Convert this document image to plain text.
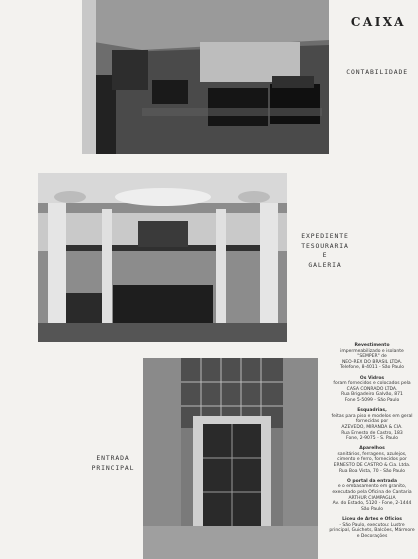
CAIXA
CONTABILIDADE
EXPEDIENTE
TESOURARIA
E
GALERIA
ENTRADA
PRINCIPAL
Revestimento
impermeabilizado e isolante "SEMPER" de
NEO-REX DO BRASIL LTDA.
Telefone, 8-4011 - São Paulo
Os Vidros
foram fornecidos e colocados pela
CASA CONRADO LTDA.
Rua Brigadeiro Galvão, 871
Fone 5-5099 - São Paulo
Esquadrias,
feitas para piso e modelos em geral fornecidas por
AZEVEDO, MIRANDA & CIA.
Rua Ernesto de Castro, 183
Fone, 2-9075 - S. Paulo
Aparelhos
sanitários, ferragens, azulejos, cimento e ferro, fornecidos por
ERNESTO DE CASTRO & Cia. Ltda.
Rua Boa Vista, 70 - São Paulo
O portal da entrada
e o embasamento em granito, executado pela Oficina de Cantaria
ARTHUR CIAMPAGLIA
Av. do Estado, 5120 - Fone, 2-1444
São Paulo
Liceu de Artes e Ofícios
- São Paulo, executou: Lustre principal, Guichets, Balcões, Mármore e Decorações
